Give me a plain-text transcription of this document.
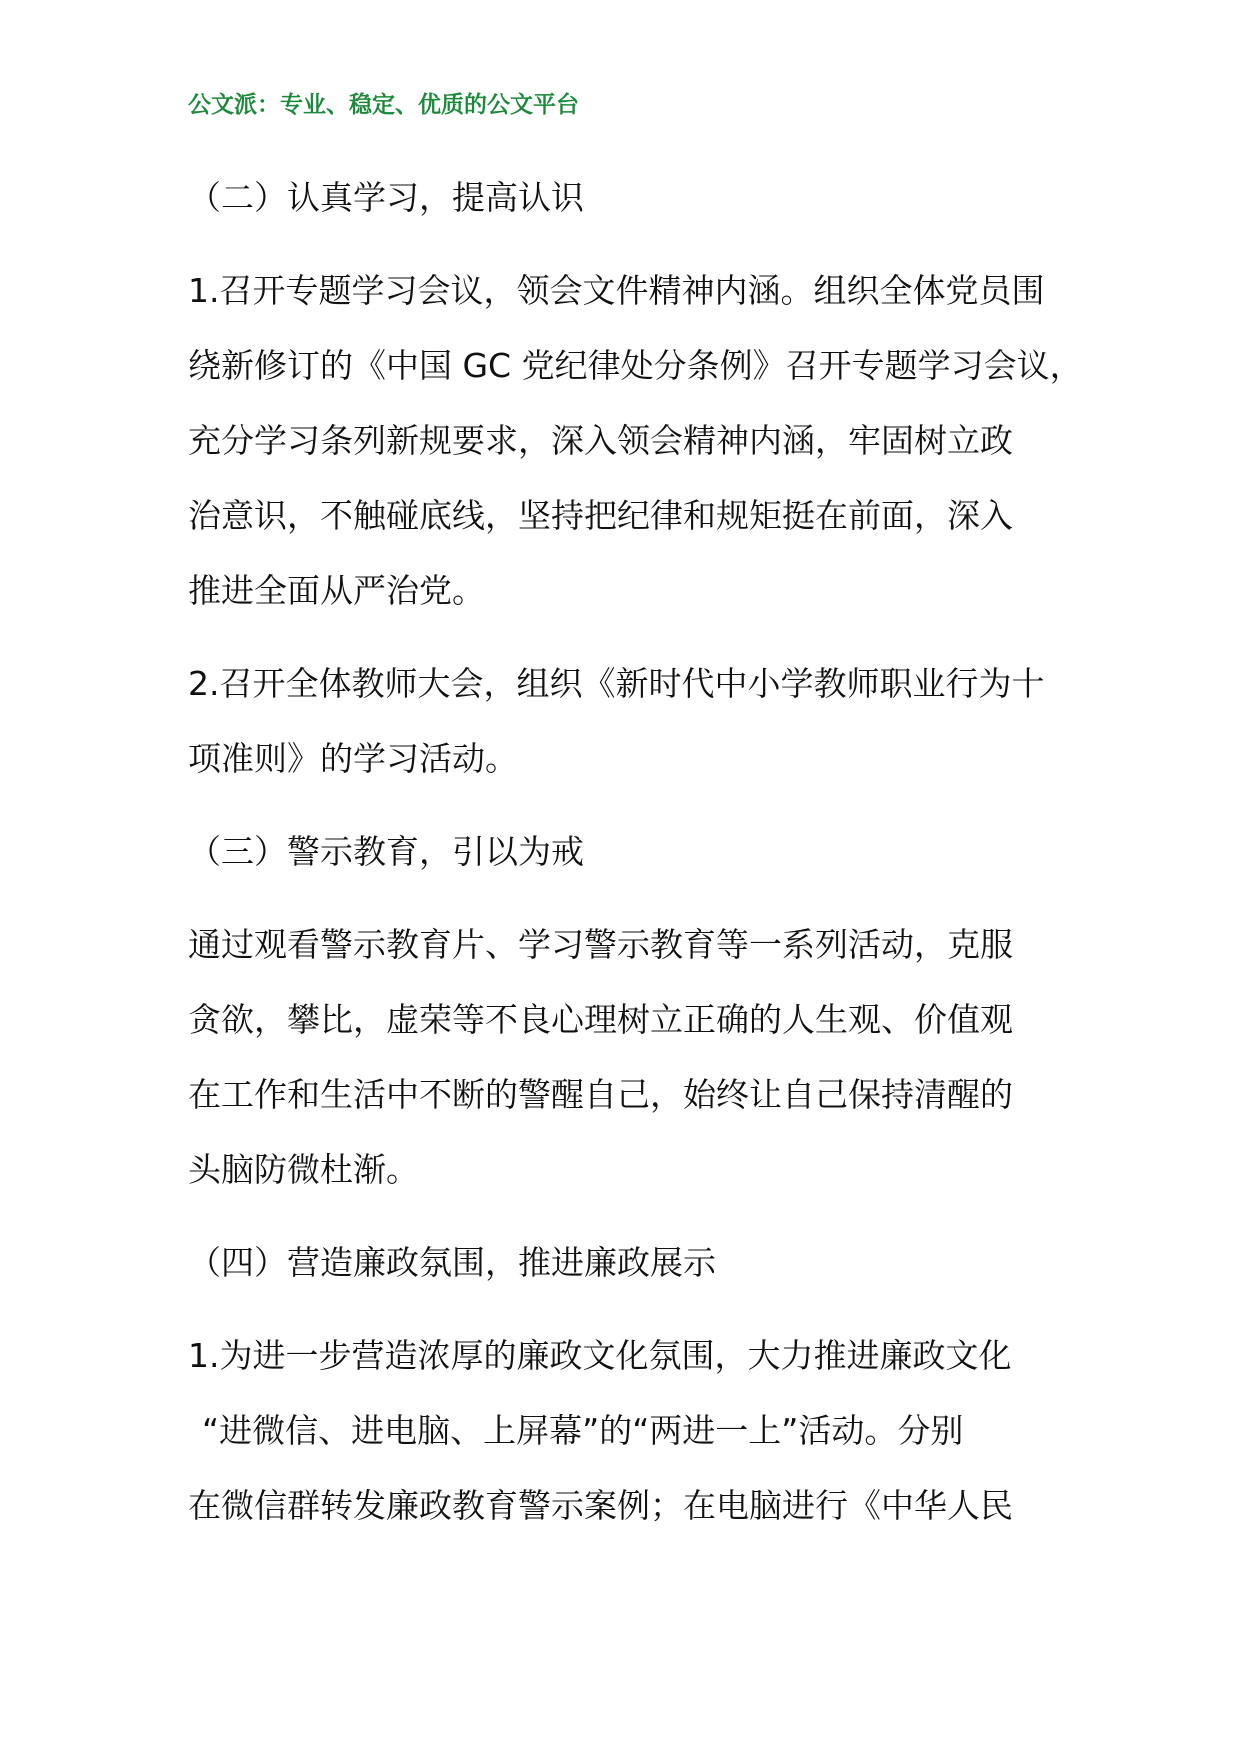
公文派：专业、稳定、优质的公文平台
（二）认真学习，提高认识
1.召开专题学习会议，领会文件精神内涵。组织全体党员围
绕新修订的《中国 GC 党纪律处分条例》召开专题学习会议，
充分学习条列新规要求，深入领会精神内涵，牢固树立政
治意识，不触碰底线，坚持把纪律和规矩挺在前面，深入
推进全面从严治党。
2.召开全体教师大会，组织《新时代中小学教师职业行为十
项准则》的学习活动。
（三）警示教育，引以为戒
通过观看警示教育片、学习警示教育等一系列活动，克服
贪欲，攀比，虚荣等不良心理树立正确的人生观、价值观
在工作和生活中不断的警醒自己，始终让自己保持清醒的
头脑防微杜渐。
（四）营造廉政氛围，推进廉政展示
1.为进一步营造浓厚的廉政文化氛围，大力推进廉政文化
“进微信、进电脑、上屏幕”的“两进一上”活动。分别
在微信群转发廉政教育警示案例；在电脑进行《中华人民
